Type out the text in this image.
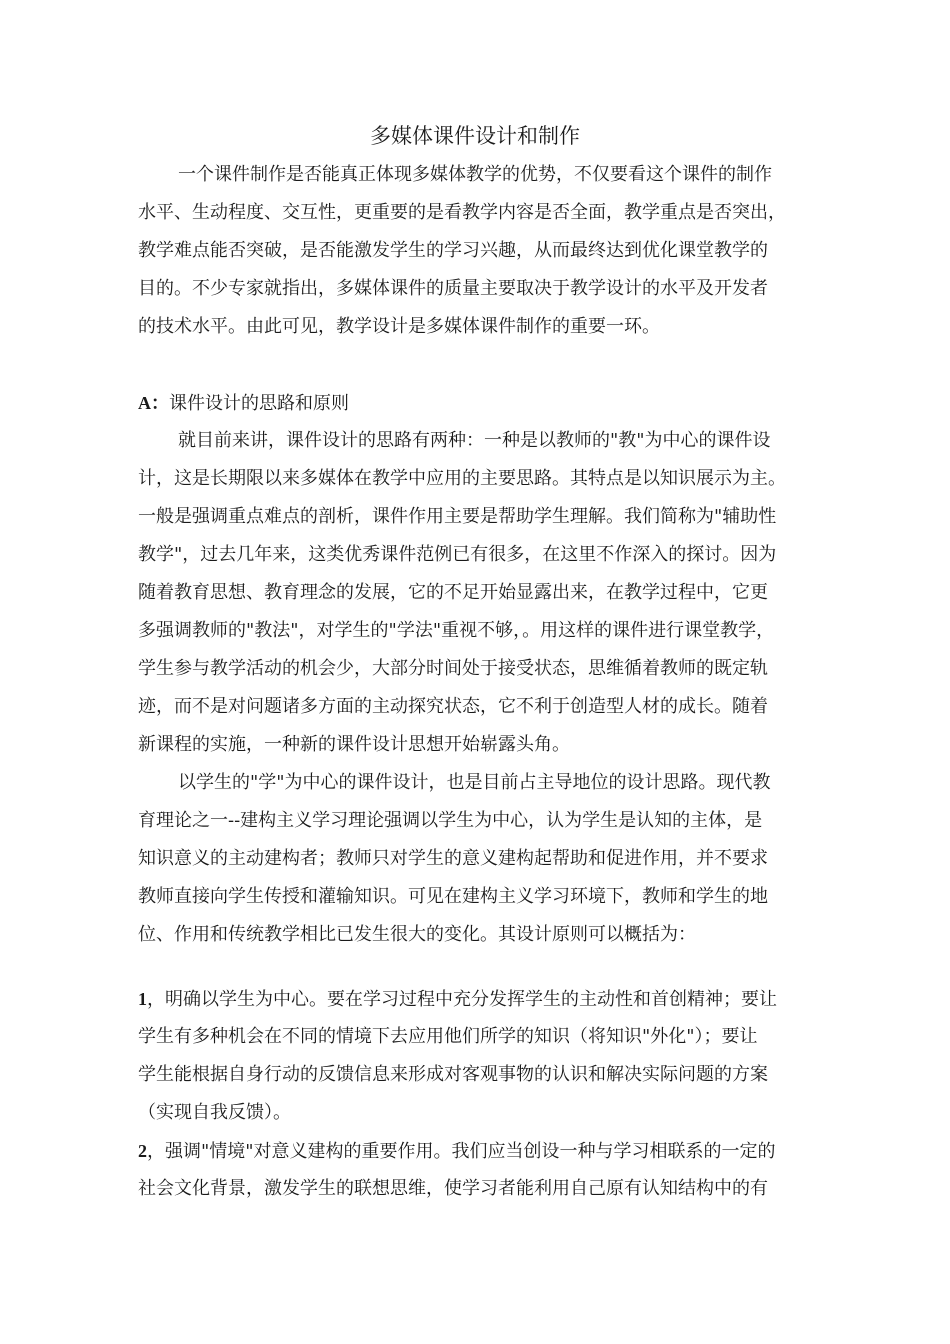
多媒体课件设计和制作

一个课件制作是否能真正体现多媒体教学的优势，不仅要看这个课件的制作

水平、生动程度、交互性，更重要的是看教学内容是否全面，教学重点是否突出，

教学难点能否突破，是否能激发学生的学习兴趣，从而最终达到优化课堂教学的

目的。不少专家就指出，多媒体课件的质量主要取决于教学设计的水平及开发者

的技术水平。由此可见，教学设计是多媒体课件制作的重要一环。

A：课件设计的思路和原则

就目前来讲，课件设计的思路有两种：一种是以教师的"教"为中心的课件设

计，这是长期限以来多媒体在教学中应用的主要思路。其特点是以知识展示为主。

一般是强调重点难点的剖析，课件作用主要是帮助学生理解。我们简称为"辅助性

教学"，过去几年来，这类优秀课件范例已有很多，在这里不作深入的探讨。因为

随着教育思想、教育理念的发展，它的不足开始显露出来，在教学过程中，它更

多强调教师的"教法"，对学生的"学法"重视不够，。用这样的课件进行课堂教学，

学生参与教学活动的机会少，大部分时间处于接受状态，思维循着教师的既定轨

迹，而不是对问题诸多方面的主动探究状态，它不利于创造型人材的成长。随着

新课程的实施，一种新的课件设计思想开始崭露头角。

以学生的"学"为中心的课件设计，也是目前占主导地位的设计思路。现代教

育理论之一--建构主义学习理论强调以学生为中心，认为学生是认知的主体，是

知识意义的主动建构者；教师只对学生的意义建构起帮助和促进作用，并不要求

教师直接向学生传授和灌输知识。可见在建构主义学习环境下，教师和学生的地

位、作用和传统教学相比已发生很大的变化。其设计原则可以概括为：

1，明确以学生为中心。要在学习过程中充分发挥学生的主动性和首创精神；要让

学生有多种机会在不同的情境下去应用他们所学的知识（将知识"外化"）；要让

学生能根据自身行动的反馈信息来形成对客观事物的认识和解决实际问题的方案

（实现自我反馈）。

2，强调"情境"对意义建构的重要作用。我们应当创设一种与学习相联系的一定的

社会文化背景，激发学生的联想思维，使学习者能利用自己原有认知结构中的有
